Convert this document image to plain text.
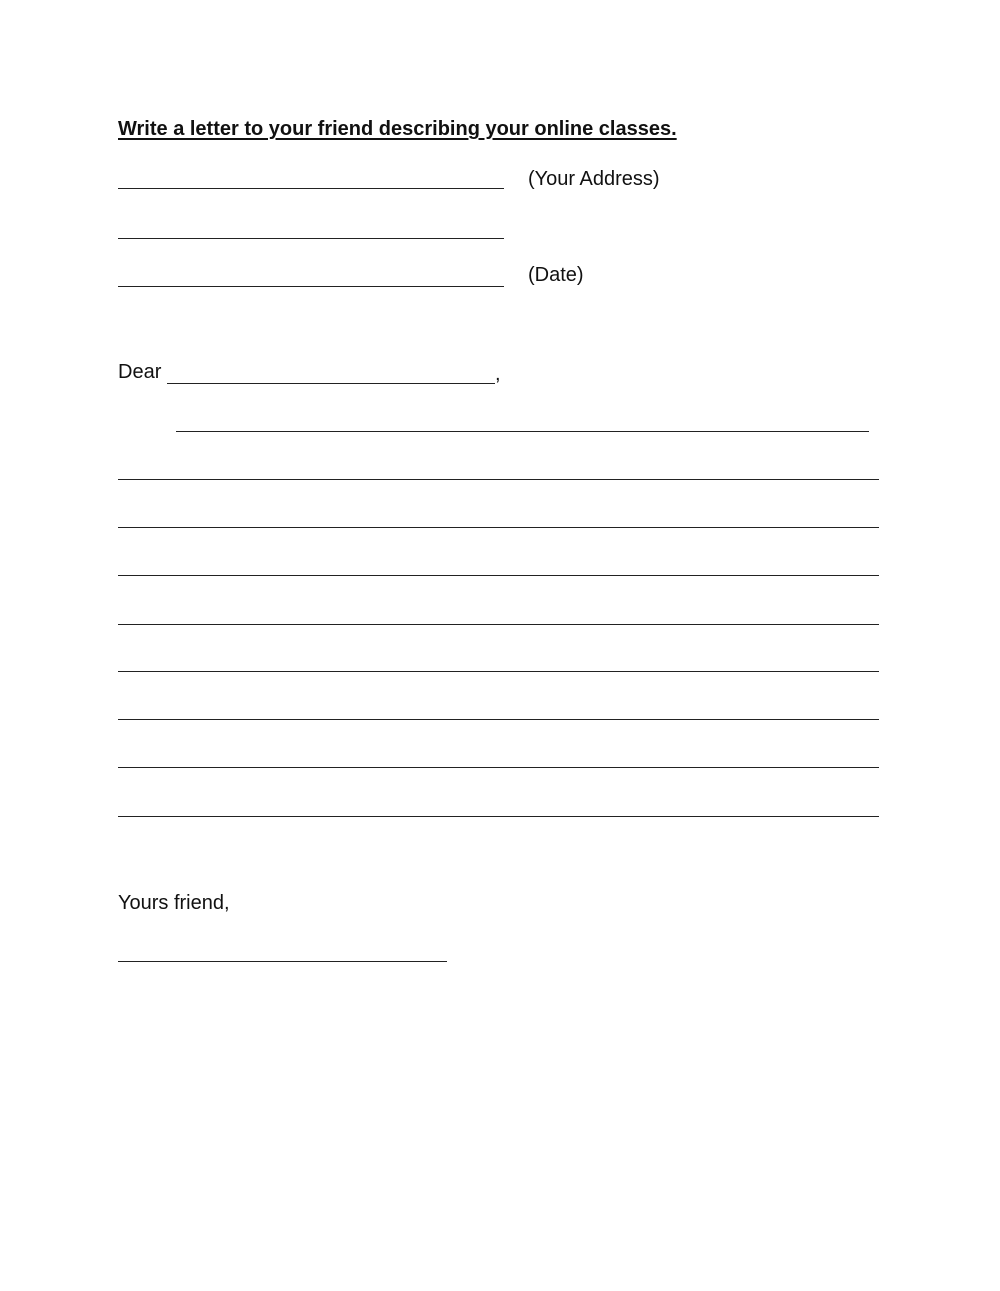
Write a letter to your friend describing your online classes.
(Your Address)
(Date)
Dear	,
Yours friend,
